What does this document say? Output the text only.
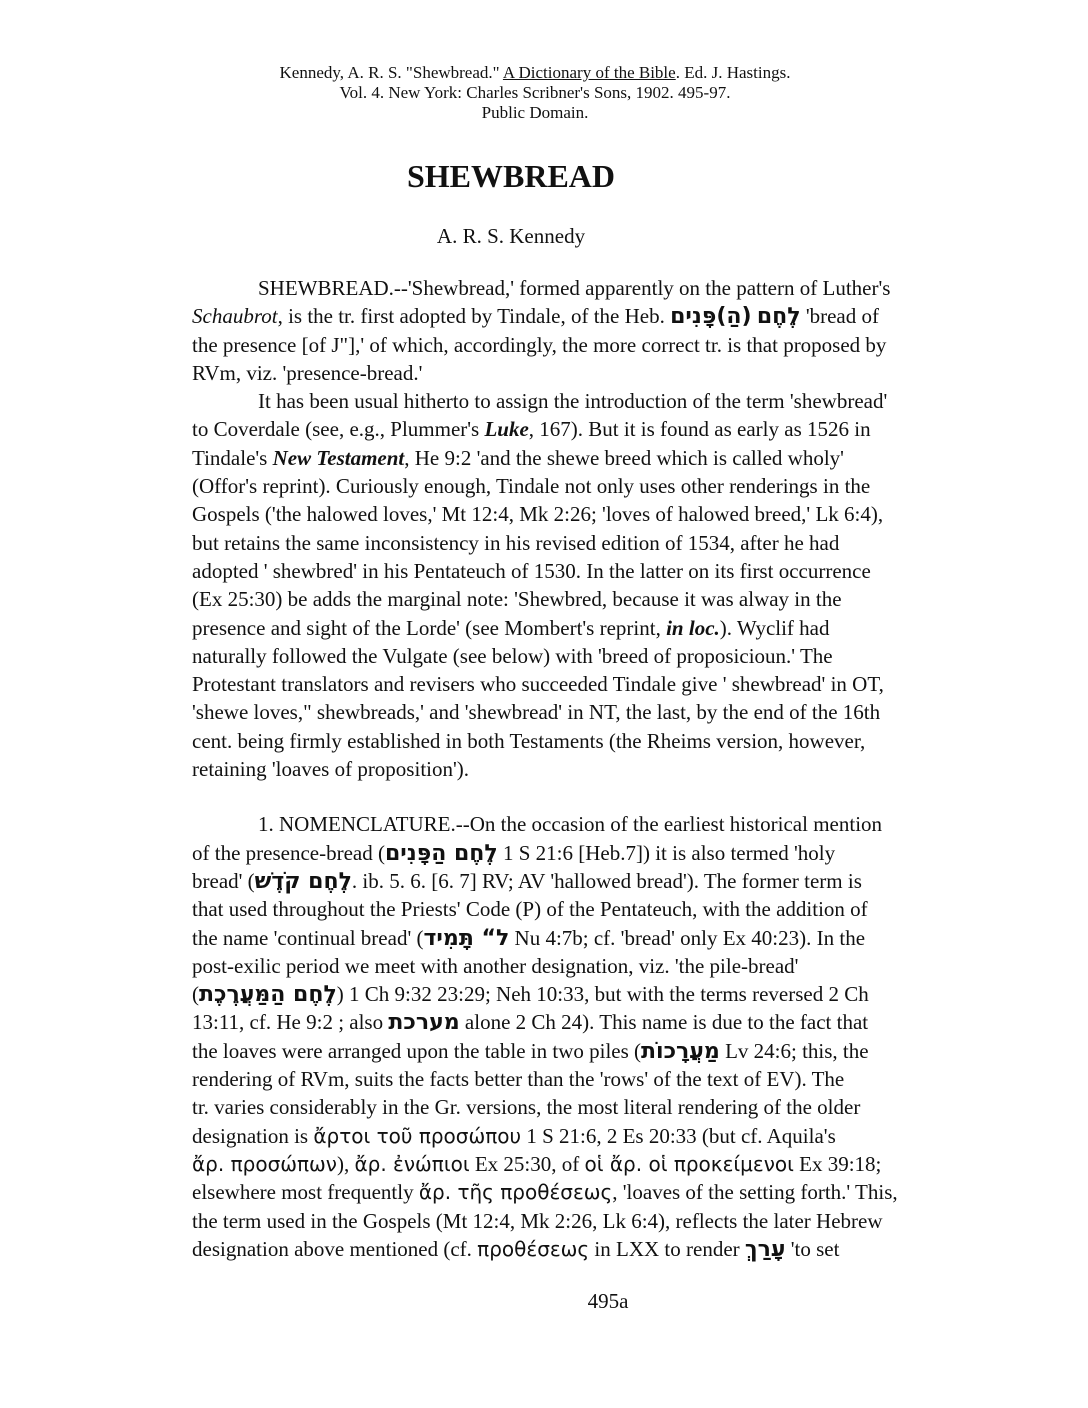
Kennedy, A. R. S. "Shewbread." A Dictionary of the Bible. Ed. J. Hastings.
Vol. 4. New York: Charles Scribner's Sons, 1902. 495-97.
Public Domain.
SHEWBREAD
A. R. S. Kennedy
SHEWBREAD.--'Shewbread,' formed apparently on the pattern of Luther's
Schaubrot, is the tr. first adopted by Tindale, of the Heb. (הַ)פָּנִים לֶחֶם 'bread of
the presence [of J"],' of which, accordingly, the more correct tr. is that proposed by
RVm, viz. 'presence-bread.'
It has been usual hitherto to assign the introduction of the term 'shewbread'
to Coverdale (see, e.g., Plummer's Luke, 167). But it is found as early as 1526 in
Tindale's New Testament, He 9:2 'and the shewe breed which is called wholy'
(Offor's reprint). Curiously enough, Tindale not only uses other renderings in the
Gospels ('the halowed loves,' Mt 12:4, Mk 2:26; 'loves of halowed breed,' Lk 6:4),
but retains the same inconsistency in his revised edition of 1534, after he had
adopted ' shewbred' in his Pentateuch of 1530. In the latter on its first occurrence
(Ex 25:30) be adds the marginal note: 'Shewbred, because it was alway in the
presence and sight of the Lorde' (see Mombert's reprint, in loc.). Wyclif had
naturally followed the Vulgate (see below) with 'breed of proposicioun.' The
Protestant translators and revisers who succeeded Tindale give ' shewbread' in OT,
'shewe loves," shewbreads,' and 'shewbread' in NT, the last, by the end of the 16th
cent. being firmly established in both Testaments (the Rheims version, however,
retaining 'loaves of proposition').
1. NOMENCLATURE.--On the occasion of the earliest historical mention
of the presence-bread (לֶחֶם הַפָּנִים 1 S 21:6 [Heb.7]) it is also termed 'holy
bread' (לֶחֶם קֹדֶשׁ. ib. 5. 6. [6. 7] RV; AV 'hallowed bread'). The former term is
that used throughout the Priests' Code (P) of the Pentateuch, with the addition of
the name 'continual bread' (ל“ תָּמִיד Nu 4:7b; cf. 'bread' only Ex 40:23). In the
post-exilic period we meet with another designation, viz. 'the pile-bread'
(לֶחֶם הַמַּעֲרֶכֶת) 1 Ch 9:32 23:29; Neh 10:33, but with the terms reversed 2 Ch
13:11, cf. He 9:2 ; also מערכת alone 2 Ch 24). This name is due to the fact that
the loaves were arranged upon the table in two piles (מַעֲרָכוֹת Lv 24:6; this, the
rendering of RVm, suits the facts better than the 'rows' of the text of EV). The
tr. varies considerably in the Gr. versions, the most literal rendering of the older
designation is ἄρτοι τοῦ προσώπου 1 S 21:6, 2 Es 20:33 (but cf. Aquila's
ἄρ. προσώπων), ἄρ. ἐνώπιοι Ex 25:30, of οἱ ἄρ. οἱ προκείμενοι Ex 39:18;
elsewhere most frequently ἄρ. τῆς προθέσεως, 'loaves of the setting forth.' This,
the term used in the Gospels (Mt 12:4, Mk 2:26, Lk 6:4), reflects the later Hebrew
designation above mentioned (cf. προθέσεως in LXX to render עָרַךְ 'to set
495a
